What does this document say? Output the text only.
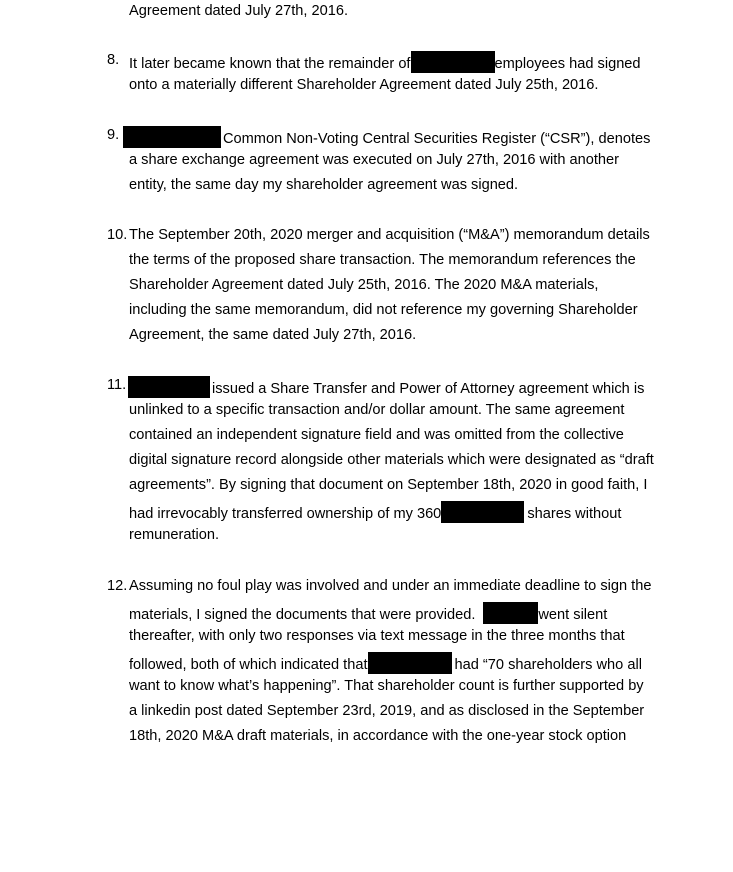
Agreement dated July 27th, 2016.
8. It later became known that the remainder of	employees had signed
onto a materially different Shareholder Agreement dated July 25th, 2016.
9.	Common Non-Voting Central Securities Register (“CSR”), denotes
a share exchange agreement was executed on July 27th, 2016 with another
entity, the same day my shareholder agreement was signed.
10. The September 20th, 2020 merger and acquisition (“M&A”) memorandum details
the terms of the proposed share transaction. The memorandum references the
Shareholder Agreement dated July 25th, 2016. The 2020 M&A materials,
including the same memorandum, did not reference my governing Shareholder
Agreement, the same dated July 27th, 2016.
11.	issued a Share Transfer and Power of Attorney agreement which is
unlinked to a specific transaction and/or dollar amount. The same agreement
contained an independent signature field and was omitted from the collective
digital signature record alongside other materials which were designated as “draft
agreements”. By signing that document on September 18th, 2020 in good faith, I
had irrevocably transferred ownership of my 360	shares without
remuneration.
12. Assuming no foul play was involved and under an immediate deadline to sign the
materials, I signed the documents that were provided.	went silent
thereafter, with only two responses via text message in the three months that
followed, both of which indicated that	had “70 shareholders who all
want to know what’s happening”. That shareholder count is further supported by
a linkedin post dated September 23rd, 2019, and as disclosed in the September
18th, 2020 M&A draft materials, in accordance with the one-year stock option
